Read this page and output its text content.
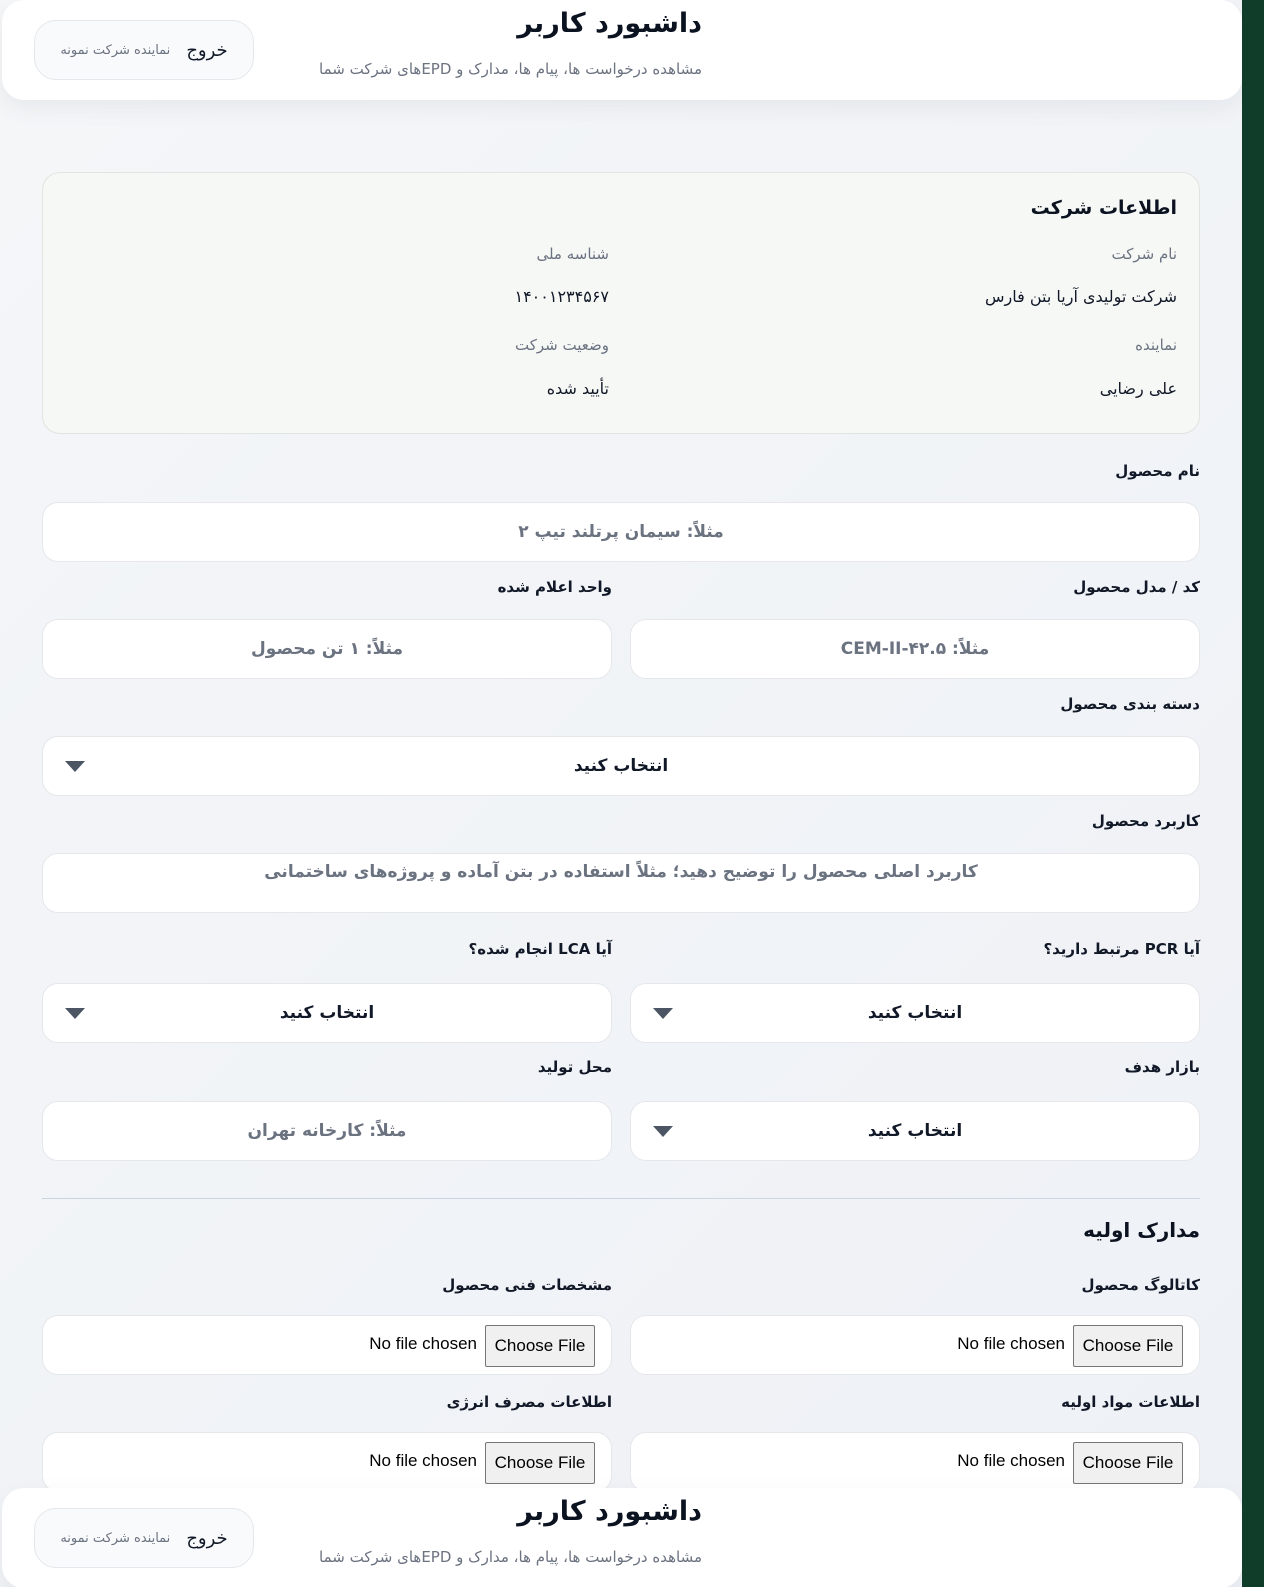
داشبورد کاربر
مشاهده درخواست ها، پیام ها، مدارک و EPDهای شرکت شما
خروج
نماینده شرکت نمونه
اطلاعات شرکت
نام شرکت
شرکت تولیدی آریا بتن فارس
شناسه ملی
۱۴۰۰۱۲۳۴۵۶۷
نماینده
علی رضایی
وضعیت شرکت
تأیید شده
نام محصول
مثلاً: سیمان پرتلند تیپ ۲
کد / مدل محصول
واحد اعلام شده
مثلاً: CEM-II-۴۲.۵
مثلاً: ۱ تن محصول
دسته بندی محصول
انتخاب کنید
کاربرد محصول
کاربرد اصلی محصول را توضیح دهید؛ مثلاً استفاده در بتن آماده و پروژه‌های ساختمانی
آیا PCR مرتبط دارید؟
آیا LCA انجام شده؟
انتخاب کنید
انتخاب کنید
بازار هدف
محل تولید
انتخاب کنید
مثلاً: کارخانه تهران
مدارک اولیه
کاتالوگ محصول
مشخصات فنی محصول
Choose File
No file chosen
Choose File
No file chosen
اطلاعات مواد اولیه
اطلاعات مصرف انرژی
Choose File
No file chosen
Choose File
No file chosen
داشبورد کاربر
مشاهده درخواست ها، پیام ها، مدارک و EPDهای شرکت شما
خروج
نماینده شرکت نمونه
